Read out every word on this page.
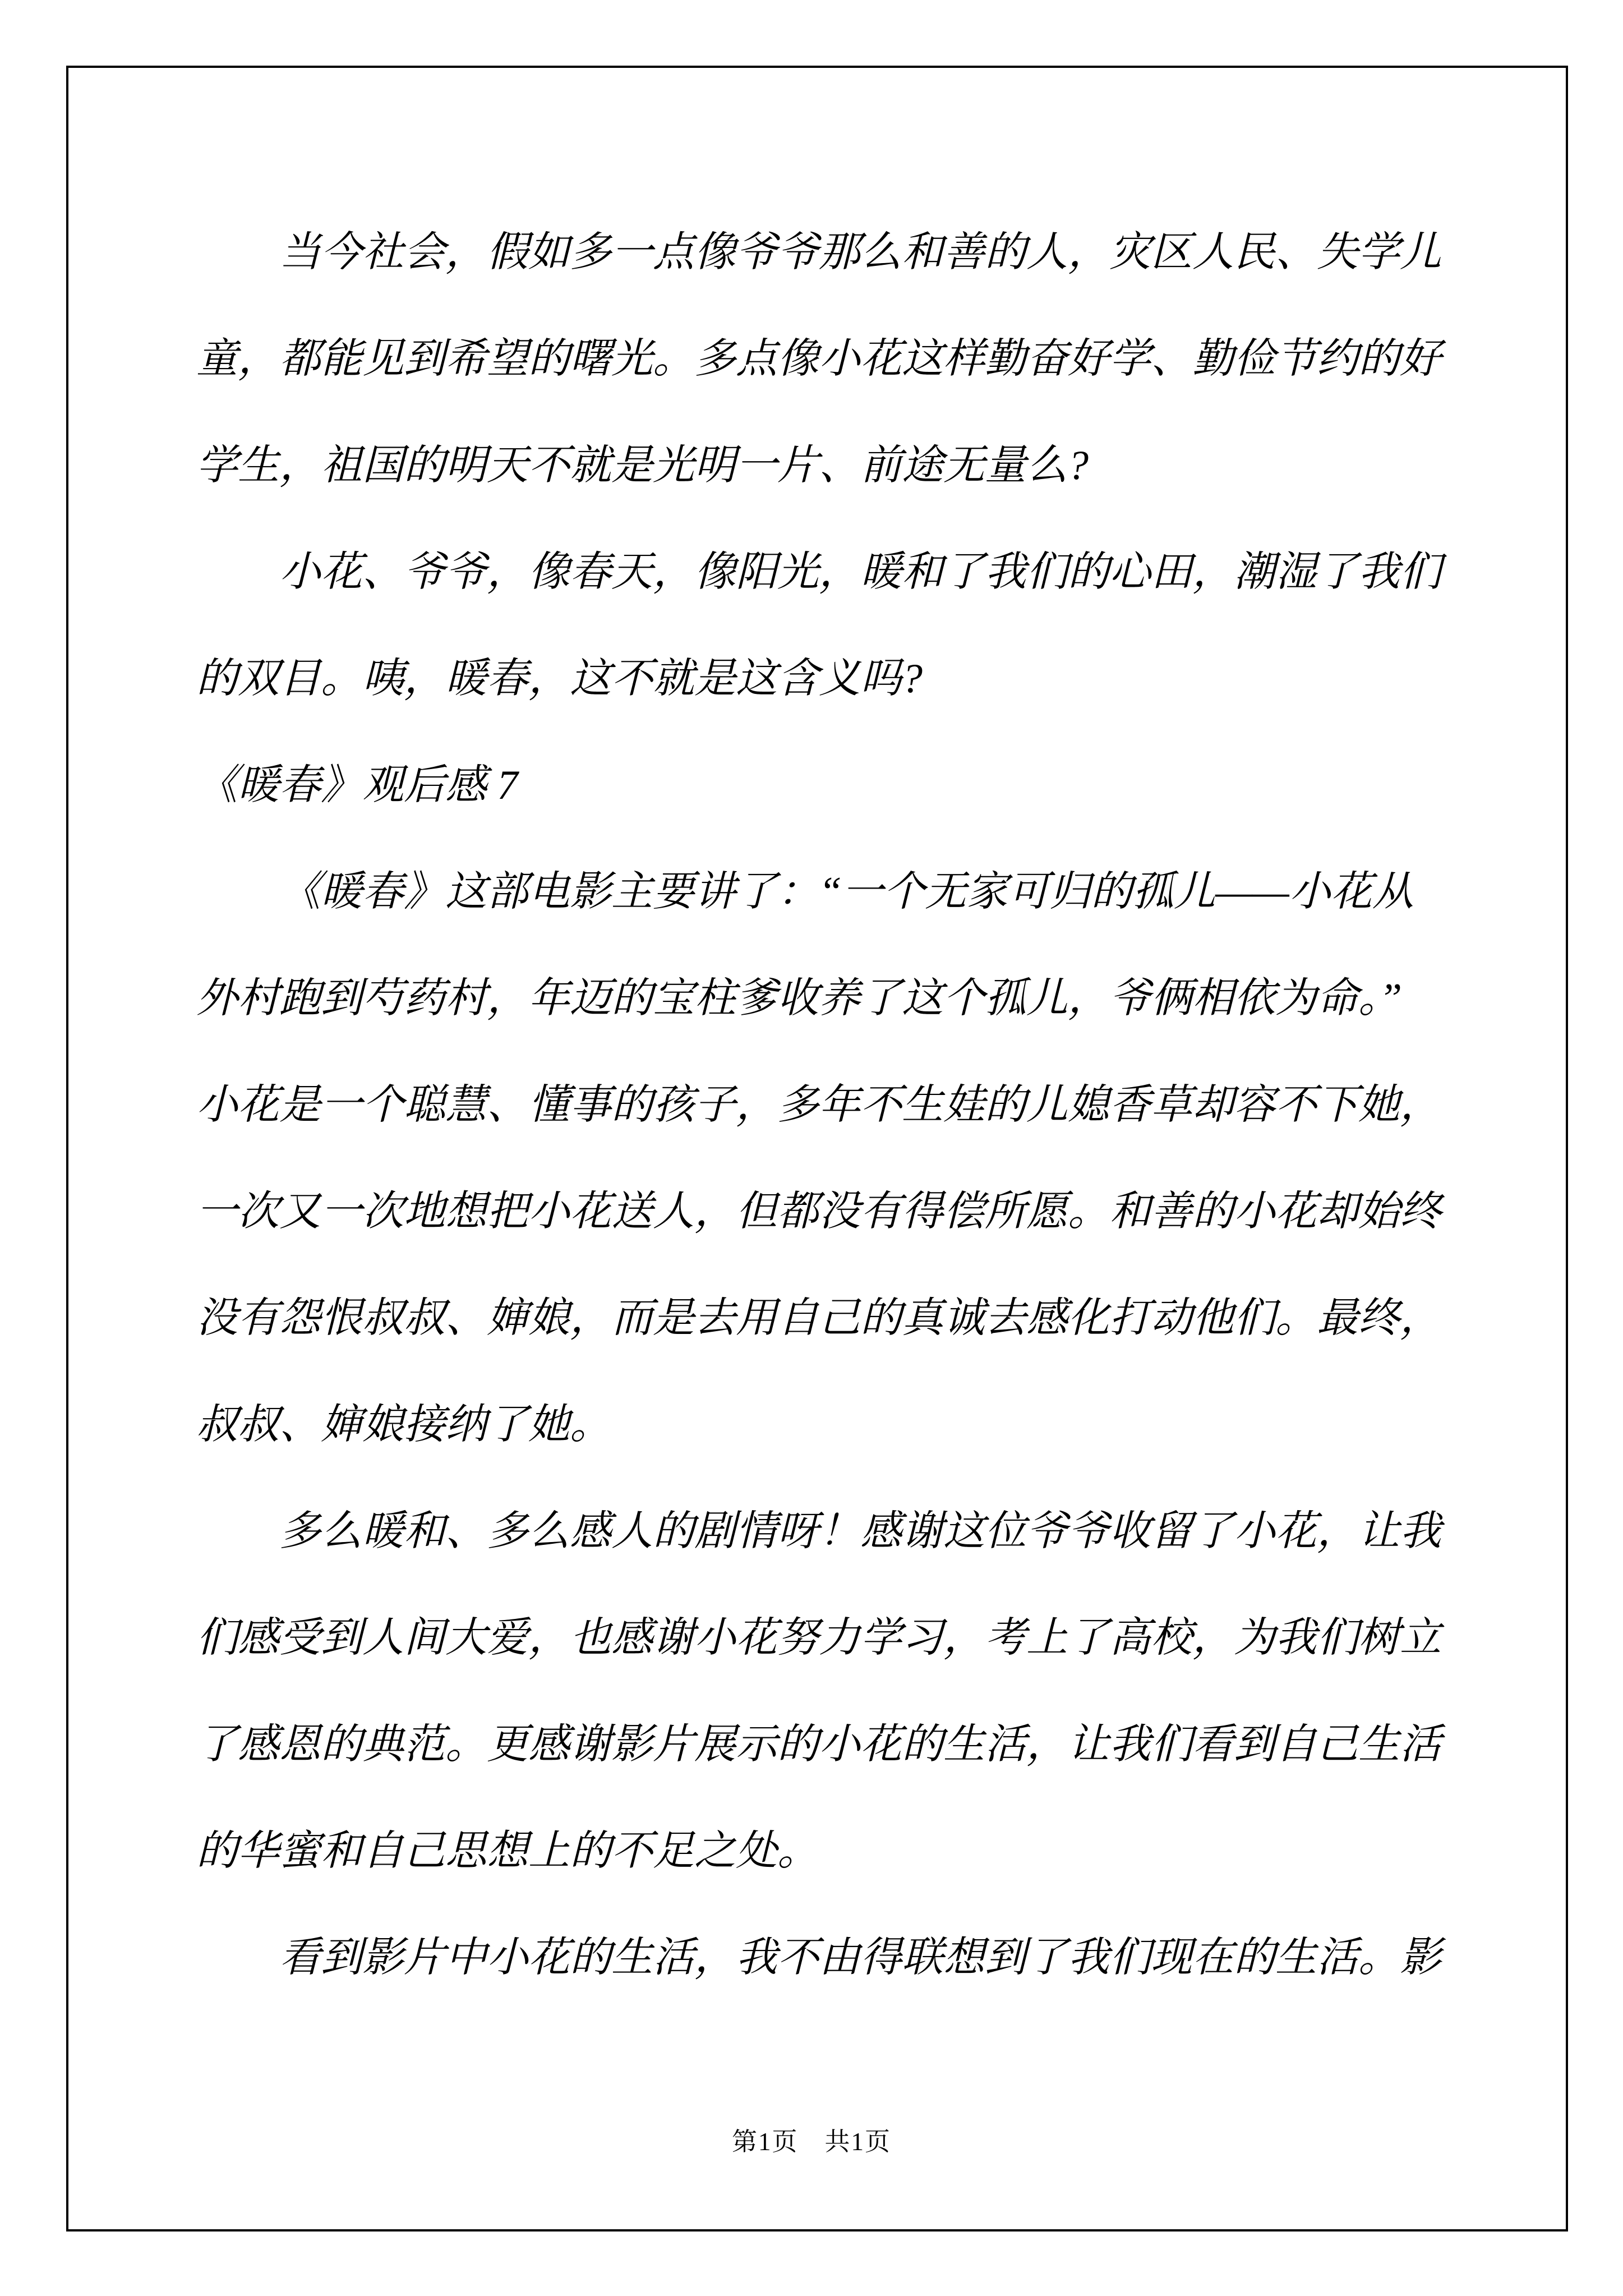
当今社会，假如多一点像爷爷那么和善的人，灾区人民、失学儿
童，都能见到希望的曙光。多点像小花这样勤奋好学、勤俭节约的好
学生，祖国的明天不就是光明一片、前途无量么?
小花、爷爷，像春天，像阳光，暖和了我们的心田，潮湿了我们
的双目。咦，暖春，这不就是这含义吗?
《暖春》观后感 7
《暖春》这部电影主要讲了：“一个无家可归的孤儿——小花从
外村跑到芍药村，年迈的宝柱爹收养了这个孤儿，爷俩相依为命。”
小花是一个聪慧、懂事的孩子，多年不生娃的儿媳香草却容不下她，
一次又一次地想把小花送人，但都没有得偿所愿。和善的小花却始终
没有怨恨叔叔、婶娘，而是去用自己的真诚去感化打动他们。最终，
叔叔、婶娘接纳了她。
多么暖和、多么感人的剧情呀！感谢这位爷爷收留了小花，让我
们感受到人间大爱，也感谢小花努力学习，考上了高校，为我们树立
了感恩的典范。更感谢影片展示的小花的生活，让我们看到自己生活
的华蜜和自己思想上的不足之处。
看到影片中小花的生活，我不由得联想到了我们现在的生活。影
第1页　共1页
